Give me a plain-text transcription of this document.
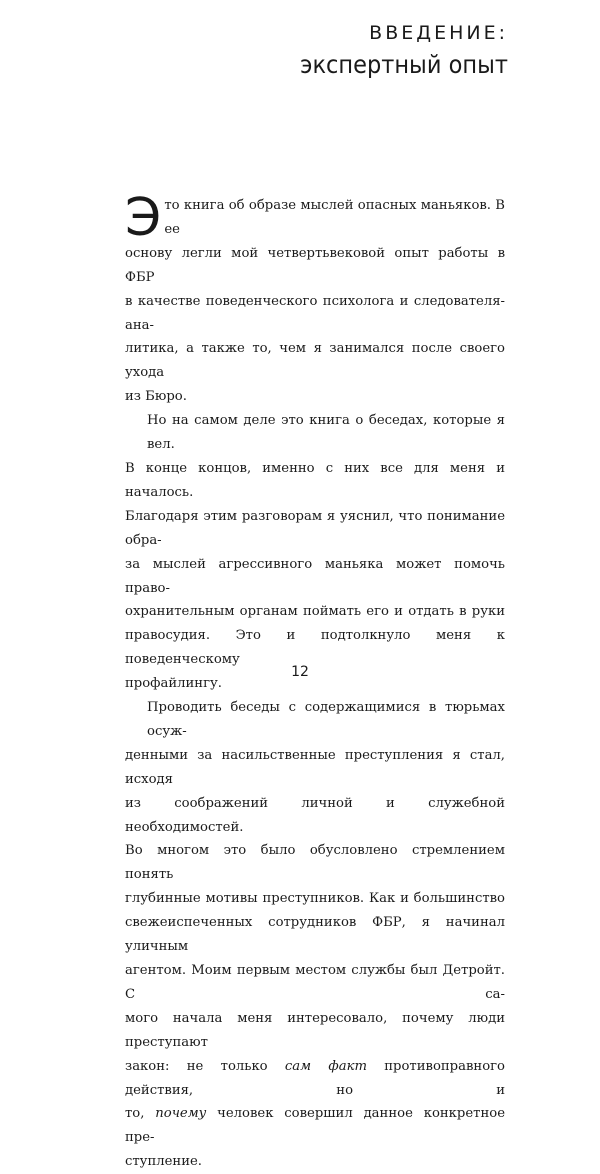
ВВЕДЕНИЕ:
экспертный опыт

Э то книга об образе мыслей опасных маньяков. В ее
основу легли мой четвертьвековой опыт работы в ФБР
в качестве поведенческого психолога и следователя-ана-
литика, а также то, чем я занимался после своего ухода
из Бюро.

Но на самом деле это книга о беседах, которые я вел.
В конце концов, именно с них все для меня и началось.
Благодаря этим разговорам я уяснил, что понимание обра-
за мыслей агрессивного маньяка может помочь право-
охранительным органам поймать его и отдать в руки
правосудия. Это и подтолкнуло меня к поведенческому
профайлингу.

Проводить беседы с содержащимися в тюрьмах осуж-
денными за насильственные преступления я стал, исходя
из соображений личной и служебной необходимостей.
Во многом это было обусловлено стремлением понять
глубинные мотивы преступников. Как и большинство
свежеиспеченных сотрудников ФБР, я начинал уличным
агентом. Моим первым местом службы был Детройт. С са-
мого начала меня интересовало, почему люди преступают
закон: не только сам факт противоправного действия, но и
то, почему человек совершил данное конкретное пре-
ступление.

12
